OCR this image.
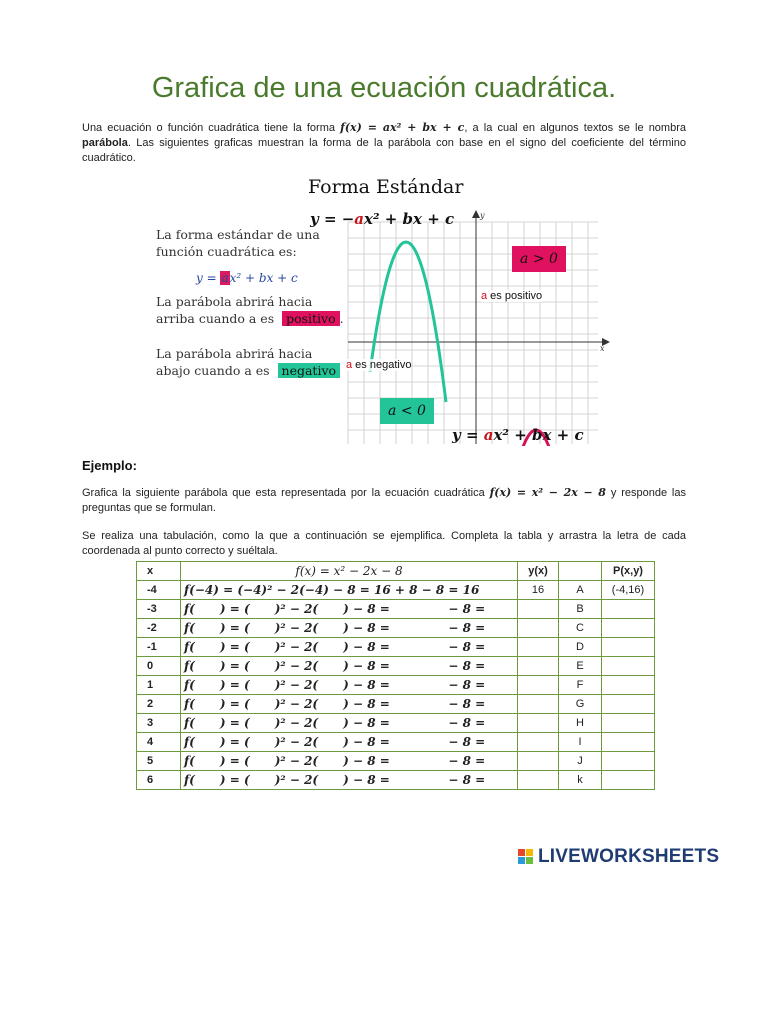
Grafica de una ecuación cuadrática.
Una ecuación o función cuadrática tiene la forma f(x) = ax² + bx + c, a la cual en algunos textos se le nombra parábola. Las siguientes graficas muestran la forma de la parábola con base en el signo del coeficiente del término cuadrático.
Forma Estándar
La forma estándar de una
función cuadrática es:
y = ax² + bx + c
La parábola abrirá hacia
arriba cuando a es positivo .
La parábola abrirá hacia
abajo cuando a es negativo
y
x
y = −ax² + bx + c
y = ax² + bx + c
a > 0
a < 0
a es positivo
a es negativo
Ejemplo:
Grafica la siguiente parábola que esta representada por la ecuación cuadrática f(x) = x² − 2x − 8 y responde las preguntas que se formulan.
Se realiza una tabulación, como la que a continuación se ejemplifica. Completa la tabla y arrastra la letra de cada coordenada al punto correcto y suéltala.
x	f(x) = x² − 2x − 8	y(x)		P(x,y)
-4	f(−4) = (−4)² − 2(−4) − 8 = 16 + 8 − 8 = 16	16	A	(-4,16)
-3	f(      ) = (      )² − 2(      ) − 8 =              − 8 =		B	
-2	f(      ) = (      )² − 2(      ) − 8 =              − 8 =		C	
-1	f(      ) = (      )² − 2(      ) − 8 =              − 8 =		D	
0	f(      ) = (      )² − 2(      ) − 8 =              − 8 =		E	
1	f(      ) = (      )² − 2(      ) − 8 =              − 8 =		F	
2	f(      ) = (      )² − 2(      ) − 8 =              − 8 =		G	
3	f(      ) = (      )² − 2(      ) − 8 =              − 8 =		H	
4	f(      ) = (      )² − 2(      ) − 8 =              − 8 =		I	
5	f(      ) = (      )² − 2(      ) − 8 =              − 8 =		J	
6	f(      ) = (      )² − 2(      ) − 8 =              − 8 =		k	
LIVEWORKSHEETS
